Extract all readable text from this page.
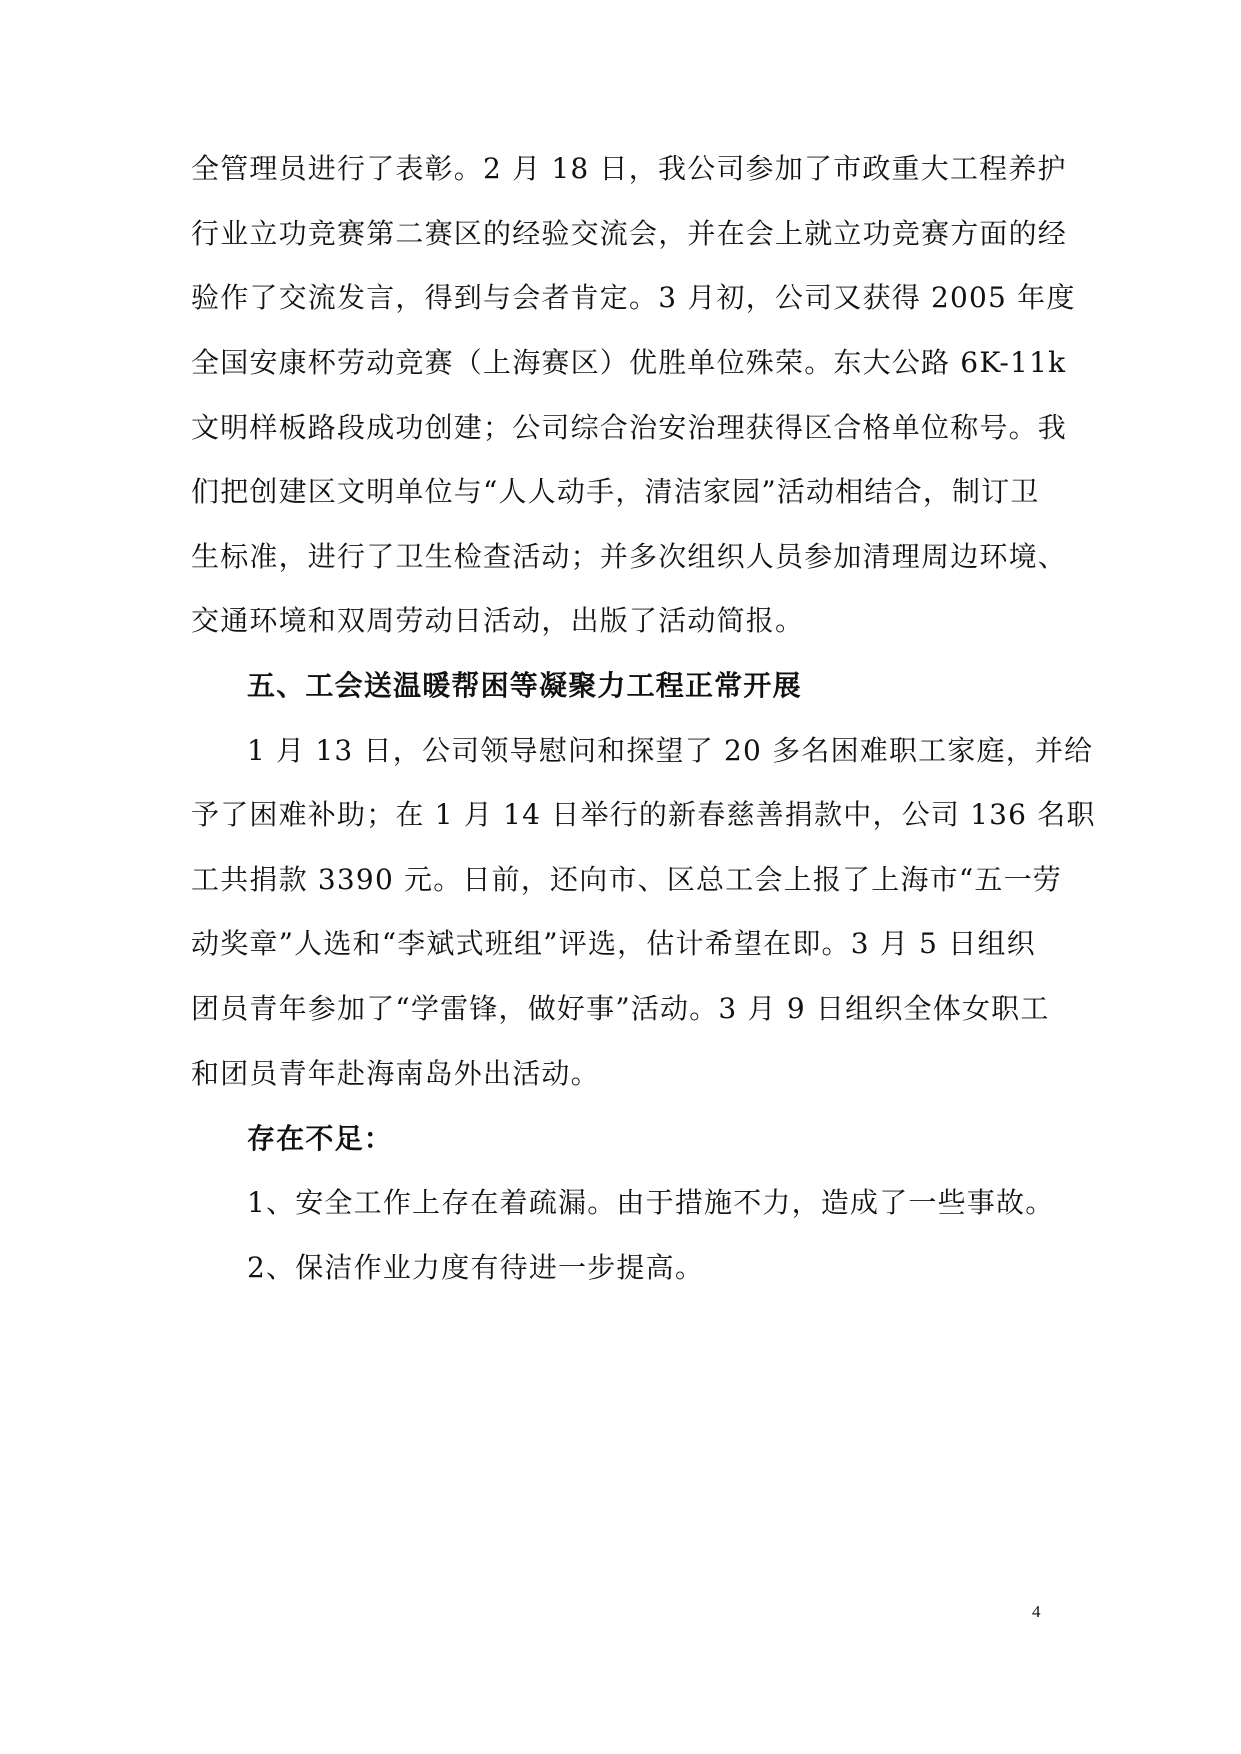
全管理员进行了表彰。2 月 18 日，我公司参加了市政重大工程养护
行业立功竞赛第二赛区的经验交流会，并在会上就立功竞赛方面的经
验作了交流发言，得到与会者肯定。3 月初，公司又获得 2005 年度
全国安康杯劳动竞赛（上海赛区）优胜单位殊荣。东大公路 6K-11k
文明样板路段成功创建；公司综合治安治理获得区合格单位称号。我
们把创建区文明单位与“人人动手，清洁家园”活动相结合，制订卫
生标准，进行了卫生检查活动；并多次组织人员参加清理周边环境、
交通环境和双周劳动日活动，出版了活动简报。
五、工会送温暖帮困等凝聚力工程正常开展
1 月 13 日，公司领导慰问和探望了 20 多名困难职工家庭，并给
予了困难补助；在 1 月 14 日举行的新春慈善捐款中，公司 136 名职
工共捐款 3390 元。日前，还向市、区总工会上报了上海市“五一劳
动奖章”人选和“李斌式班组”评选，估计希望在即。3 月 5 日组织
团员青年参加了“学雷锋，做好事”活动。3 月 9 日组织全体女职工
和团员青年赴海南岛外出活动。
存在不足：
1、安全工作上存在着疏漏。由于措施不力，造成了一些事故。
2、保洁作业力度有待进一步提高。
4
